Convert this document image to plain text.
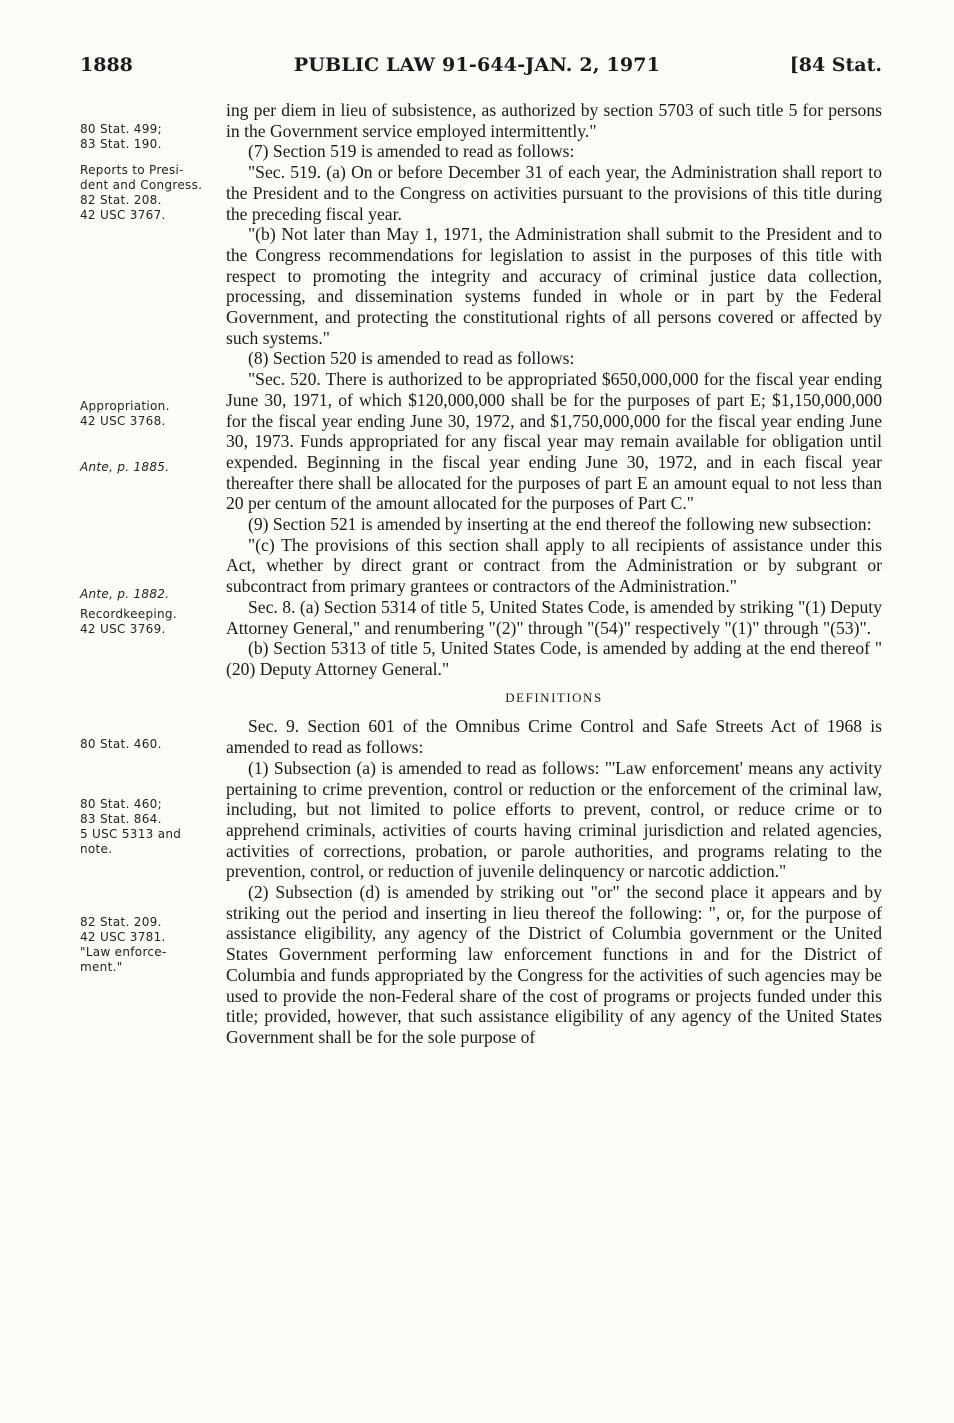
1888	PUBLIC LAW 91-644-JAN. 2, 1971	[84 Stat.
80 Stat. 499;
83 Stat. 190.
Reports to Presi-
dent and Congress.
82 Stat. 208.
42 USC 3767.
Appropriation.
42 USC 3768.
Ante, p. 1885.
Ante, p. 1882.
Recordkeeping.
42 USC 3769.
80 Stat. 460.
80 Stat. 460;
83 Stat. 864.
5 USC 5313 and
note.
82 Stat. 209.
42 USC 3781.
"Law enforce-
ment."

ing per diem in lieu of subsistence, as authorized by section 5703 of such title 5 for persons in the Government service employed intermittently."

(7) Section 519 is amended to read as follows:

"Sec. 519. (a) On or before December 31 of each year, the Administration shall report to the President and to the Congress on activities pursuant to the provisions of this title during the preceding fiscal year.

"(b) Not later than May 1, 1971, the Administration shall submit to the President and to the Congress recommendations for legislation to assist in the purposes of this title with respect to promoting the integrity and accuracy of criminal justice data collection, processing, and dissemination systems funded in whole or in part by the Federal Government, and protecting the constitutional rights of all persons covered or affected by such systems."

(8) Section 520 is amended to read as follows:

"Sec. 520. There is authorized to be appropriated $650,000,000 for the fiscal year ending June 30, 1971, of which $120,000,000 shall be for the purposes of part E; $1,150,000,000 for the fiscal year ending June 30, 1972, and $1,750,000,000 for the fiscal year ending June 30, 1973. Funds appropriated for any fiscal year may remain available for obligation until expended. Beginning in the fiscal year ending June 30, 1972, and in each fiscal year thereafter there shall be allocated for the purposes of part E an amount equal to not less than 20 per centum of the amount allocated for the purposes of Part C."

(9) Section 521 is amended by inserting at the end thereof the following new subsection:

"(c) The provisions of this section shall apply to all recipients of assistance under this Act, whether by direct grant or contract from the Administration or by subgrant or subcontract from primary grantees or contractors of the Administration."

Sec. 8. (a) Section 5314 of title 5, United States Code, is amended by striking "(1) Deputy Attorney General," and renumbering "(2)" through "(54)" respectively "(1)" through "(53)".

(b) Section 5313 of title 5, United States Code, is amended by adding at the end thereof "(20) Deputy Attorney General."

DEFINITIONS

Sec. 9. Section 601 of the Omnibus Crime Control and Safe Streets Act of 1968 is amended to read as follows:

(1) Subsection (a) is amended to read as follows: "'Law enforcement' means any activity pertaining to crime prevention, control or reduction or the enforcement of the criminal law, including, but not limited to police efforts to prevent, control, or reduce crime or to apprehend criminals, activities of courts having criminal jurisdiction and related agencies, activities of corrections, probation, or parole authorities, and programs relating to the prevention, control, or reduction of juvenile delinquency or narcotic addiction."

(2) Subsection (d) is amended by striking out "or" the second place it appears and by striking out the period and inserting in lieu thereof the following: ", or, for the purpose of assistance eligibility, any agency of the District of Columbia government or the United States Government performing law enforcement functions in and for the District of Columbia and funds appropriated by the Congress for the activities of such agencies may be used to provide the non-Federal share of the cost of programs or projects funded under this title; provided, however, that such assistance eligibility of any agency of the United States Government shall be for the sole purpose of
